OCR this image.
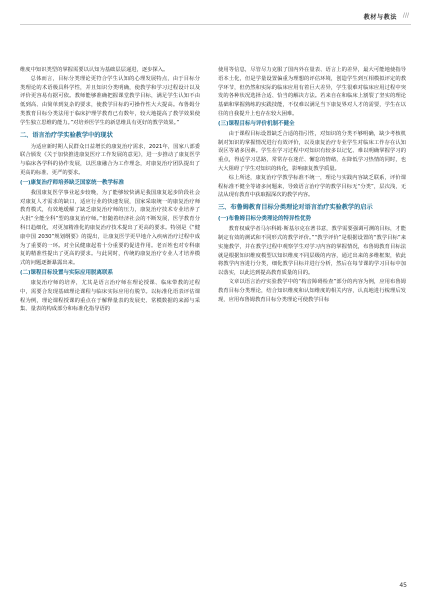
教材与教法 ///
维度中知识类型的掌握需要以认知为基础层层递进，逐步探入。
总体而言，目标分类理论更符合学生认知的心理发展特点，由于目标分类理论的术语极具科学性，并且知识分类明确，使教学和学习过程设计以及评价更容易有据可依。教师能够准确把握课堂教学目标，满足学生认知不由低到高、由简单到复杂的要求，使教学目标的可操作性大大提高。布鲁姆分类教育目标分类法用于临床护理学教育已有数年，较大地提高了教学效果使学生独立思维的能力。”对培养医学生的新思维具有更好的教学效果。”
二、语言治疗学实验教学中的现状
为适应新时期人民群众日益增长的康复治疗需求，2021年，国家八部委联合颁发《关于加快推进康复医疗工作发展的意见》，进一步推动了康复医学与临床各学科的协作发展，以医康融合为工作理念，对康复治疗团队提出了更高的标准、更严的要求。
(一)康复治疗师培养缺乏国家统一教学标准
我国康复医学事业起步较晚，为了能够较快满足我国康复起步阶段社会对康复人才需求的缺口，适应行业的快速发展，国家采取统一的康复治疗师教育模式，有效地缓解了缺乏康复治疗师的压力，康复治疗技术专业培养了大批“全能全科”型的康复治疗师。”但随着经济社会的不断发展，医学教育分科日趋细化，对更加精准化的康复治疗技术提出了更高的要求。特别是《“健康中国 2030”规划纲要》的提出，让康复医学更早地介入疾病治疗过程中成为了重要的一环。对全民健康起着十分重要的促进作用。老百姓也对专科康复的精准性提出了更高的要求。与此同时，传统的康复治疗专业人才培养模式的问题逐渐暴露出来。
(二)课程目标设置与实际应用脱离联系
康复治疗师的培养，尤其是语言治疗师在理论授课、临床带教的过程中，需要合发现基础理论课程与临床实际应用有脱节。以标准化语表评估课程为例，理论课程授课的重点在于解释量表的发展史、常模数据的来源与采集、量表的构成部分和标准化指导语的
使用等信息，尽管尽力克服了国内外在量表、语言上的差异，最大可能地使指导语本土化，但是学量设置偏重为理想的评估环境，创造学生到互相模拟评定的教学环节，但仍然和实际的临床应用有着巨大差异，学生很难对临床应用过程中突发的各种状况选择合适、恰当的解决方法。若来自在和临床上割裂了坚实的理论基础和掌握熟练的实践技能，不仅难以满足当下康复界对人才的需要，学生在以往的自我提升上也存在较大困难。
(三)课程目标与评价机制不健全
由于课程目标设置缺乏合适的指引性，对知识的分类不够明确，缺少考核机制对知识的掌握情况进行有效评价，以及康复治疗专业学生对临床工作存在认知误区等诸多因素。学生在学习过程中对知识有较多以记忆、难以明确掌握学习的重点，得适学习思路，常常存在迷茫、懈怠的情绪，在降低学习热情的同时，也大大阻碍了学生对知识的转化，影响康复教学质量。
综上所述，康复治疗学教学标准不统一，理论与实践内容缺乏联系，评价课程标准不健全等诸多问题来，导致语言治疗学的教学目标无“分类”，层次浅，无法从现有教育中获取掘深次的教学内容。
三、布鲁姆教育目标分类理论对语言治疗实验教学的启示
(一)布鲁姆目标分类理论的特异性优势
教育权威学者马尔科姆·斯基尔克在著书意，教学需要强调可测的目标，才能制定有效的测试和不同形式的教学评价。”“教学评价”是根据设置的“教学目标”来实施教学，并在教学过程中观察学生对学习内容的掌握情况，布鲁姆教育目标法就是根据知识维度模型以知识维度不同层级的内容，通过出来的多维框架，依此将教学内容进行分类，细化教学目标并进行分析，然后在每节课的学习目标中加以落实，以此达到提高教育质量的目的。
文章以语言治疗实验教学中的“构音障碍检查”部分的内容为例，应用布鲁姆教育目标分类理论，结合知识维度和认知维度的相关内容，认真地进行梳理后发现，应用布鲁姆教育目标分类理论可使教学目标
45
